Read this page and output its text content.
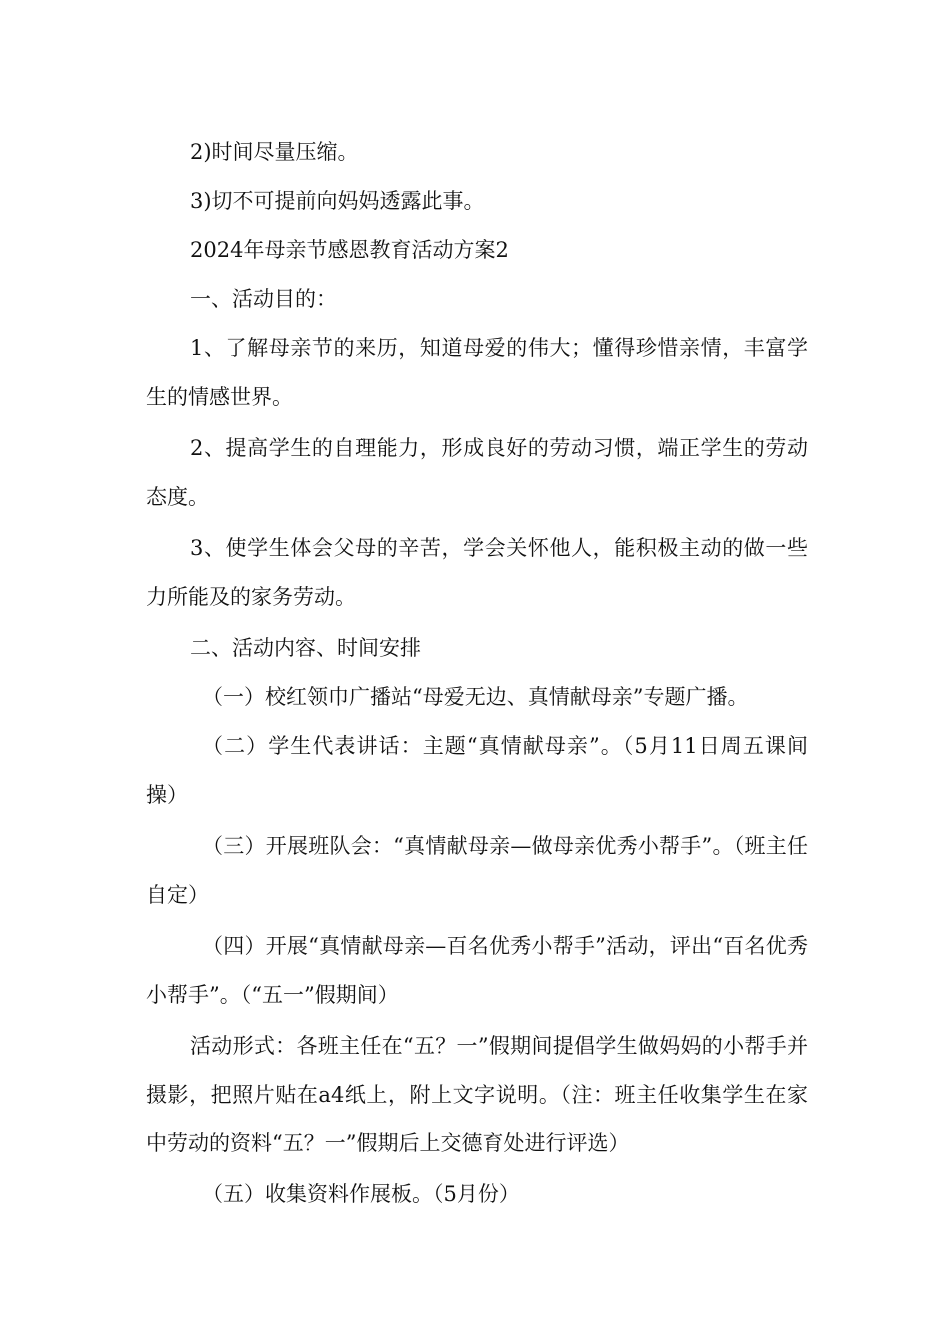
2)时间尽量压缩。

3)切不可提前向妈妈透露此事。

2024年母亲节感恩教育活动方案2

一、活动目的：

1、了解母亲节的来历，知道母爱的伟大；懂得珍惜亲情，丰富学生的情感世界。

2、提高学生的自理能力，形成良好的劳动习惯，端正学生的劳动态度。

3、使学生体会父母的辛苦，学会关怀他人，能积极主动的做一些力所能及的家务劳动。

二、活动内容、时间安排

（一）校红领巾广播站“母爱无边、真情献母亲”专题广播。

（二）学生代表讲话：主题“真情献母亲”。（5月11日周五课间操）

（三）开展班队会：“真情献母亲—做母亲优秀小帮手”。（班主任自定）

（四）开展“真情献母亲—百名优秀小帮手”活动，评出“百名优秀小帮手”。（“五一”假期间）

活动形式：各班主任在“五？一”假期间提倡学生做妈妈的小帮手并摄影，把照片贴在a4纸上，附上文字说明。（注：班主任收集学生在家中劳动的资料“五？一”假期后上交德育处进行评选）

（五）收集资料作展板。（5月份）
